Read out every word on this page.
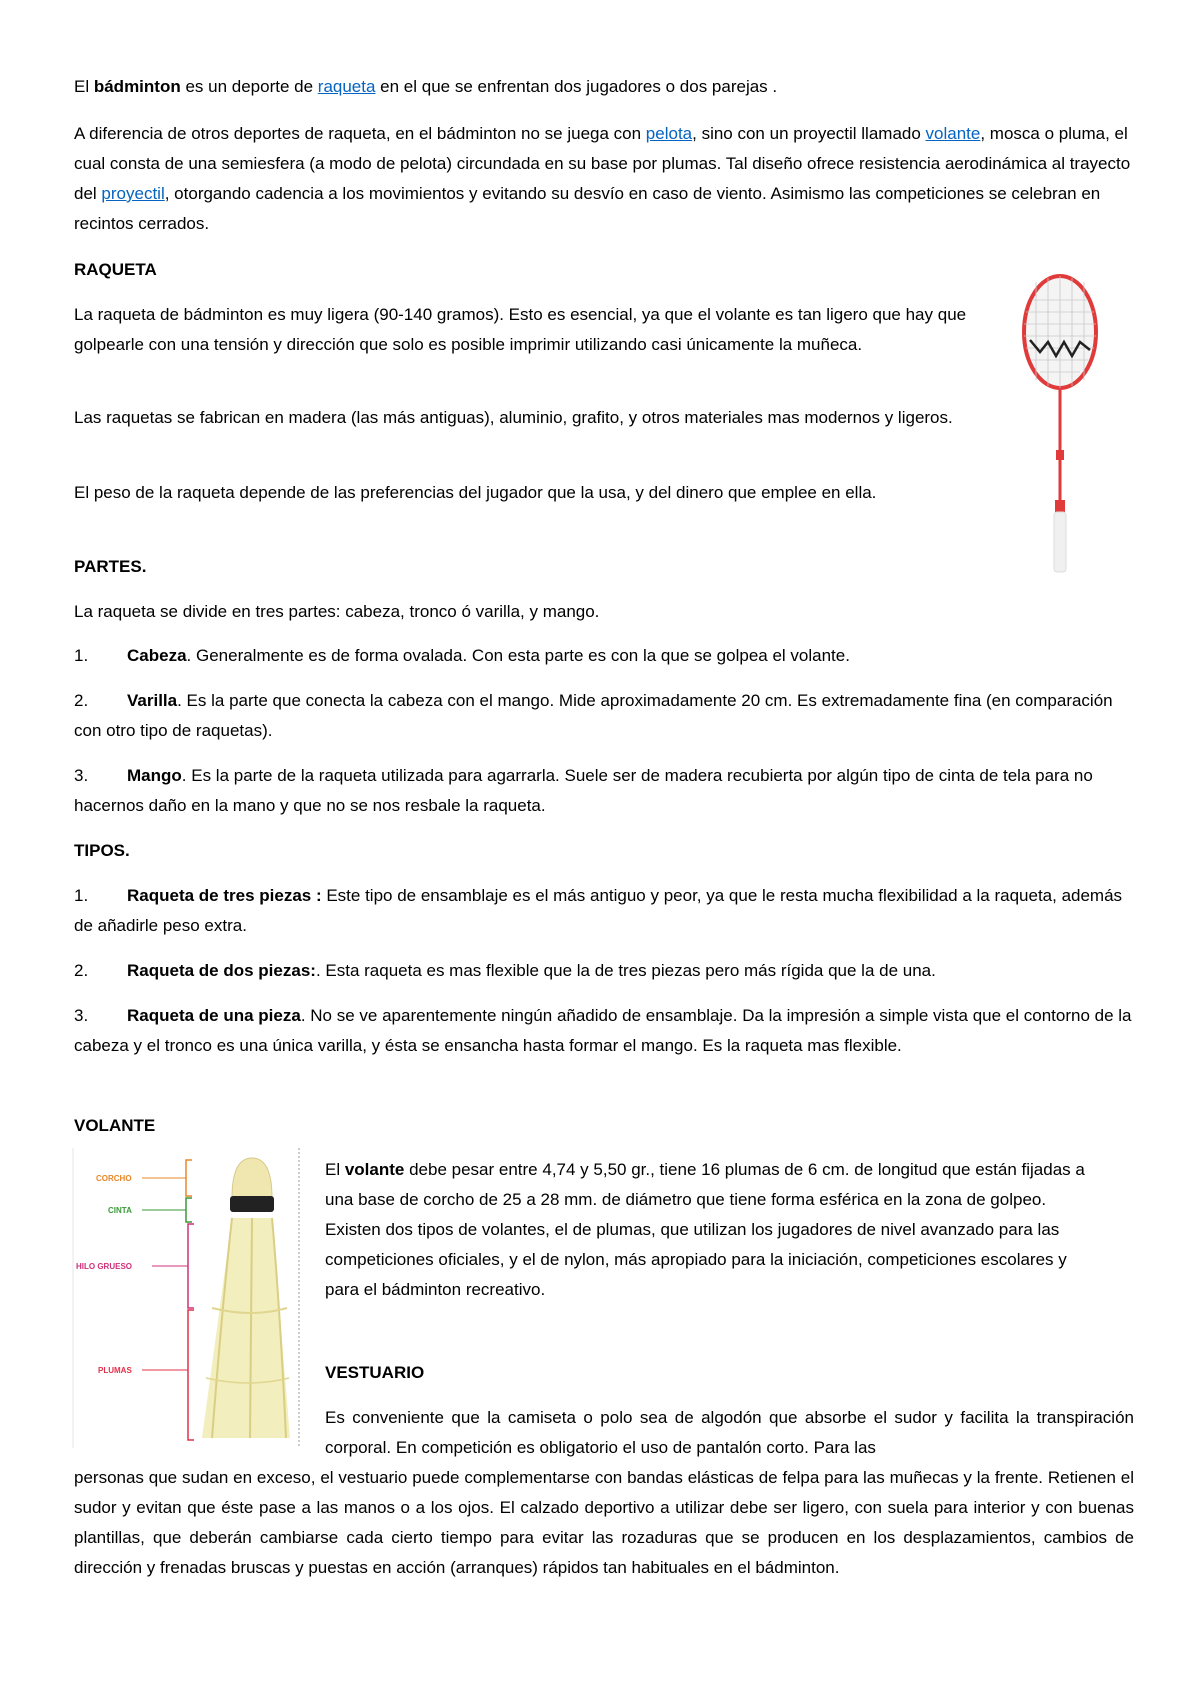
El bádminton es un deporte de raqueta en el que se enfrentan dos jugadores o dos parejas .

A diferencia de otros deportes de raqueta, en el bádminton no se juega con pelota, sino con un proyectil llamado volante, mosca o pluma, el cual consta de una semiesfera (a modo de pelota) circundada en su base por plumas. Tal diseño ofrece resistencia aerodinámica al trayecto del proyectil, otorgando cadencia a los movimientos y evitando su desvío en caso de viento. Asimismo las competiciones se celebran en recintos cerrados.

RAQUETA

La raqueta de bádminton es muy ligera (90-140 gramos). Esto es esencial, ya que el volante es tan ligero que hay que golpearle con una tensión y dirección que solo es posible imprimir utilizando casi únicamente la muñeca.

Las raquetas se fabrican en madera (las más antiguas), aluminio, grafito, y otros materiales mas modernos y ligeros.

El peso de la raqueta depende de las preferencias del jugador que la usa, y del dinero que emplee en ella.

PARTES.

La raqueta se divide en tres partes: cabeza, tronco ó varilla, y mango.

1. Cabeza. Generalmente es de forma ovalada. Con esta parte es con la que se golpea el volante.

2. Varilla. Es la parte que conecta la cabeza con el mango. Mide aproximadamente 20 cm. Es extremadamente fina (en comparación con otro tipo de raquetas).

3. Mango. Es la parte de la raqueta utilizada para agarrarla. Suele ser de madera recubierta por algún tipo de cinta de tela para no hacernos daño en la mano y que no se nos resbale la raqueta.

TIPOS.

1. Raqueta de tres piezas : Este tipo de ensamblaje es el más antiguo y peor, ya que le resta mucha flexibilidad a la raqueta, además de añadirle peso extra.

2. Raqueta de dos piezas:. Esta raqueta es mas flexible que la de tres piezas pero más rígida que la de una.

3. Raqueta de una pieza. No se ve aparentemente ningún añadido de ensamblaje. Da la impresión a simple vista que el contorno de la cabeza y el tronco es una única varilla, y ésta se ensancha hasta formar el mango. Es la raqueta mas flexible.

VOLANTE

CORCHO
CINTA
HILO GRUESO
PLUMAS

El volante debe pesar entre 4,74 y 5,50 gr., tiene 16 plumas de 6 cm. de longitud que están fijadas a una base de corcho de 25 a 28 mm. de diámetro que tiene forma esférica en la zona de golpeo. Existen dos tipos de volantes, el de plumas, que utilizan los jugadores de nivel avanzado para las competiciones oficiales, y el de nylon, más apropiado para la iniciación, competiciones escolares y para el bádminton recreativo.

VESTUARIO

Es conveniente que la camiseta o polo sea de algodón que absorbe el sudor y facilita la transpiración corporal. En competición es obligatorio el uso de pantalón corto. Para las

personas que sudan en exceso, el vestuario puede complementarse con bandas elásticas de felpa para las muñecas y la frente. Retienen el sudor y evitan que éste pase a las manos o a los ojos. El calzado deportivo a utilizar debe ser ligero, con suela para interior y con buenas plantillas, que deberán cambiarse cada cierto tiempo para evitar las rozaduras que se producen en los desplazamientos, cambios de dirección y frenadas bruscas y puestas en acción (arranques) rápidos tan habituales en el bádminton.
